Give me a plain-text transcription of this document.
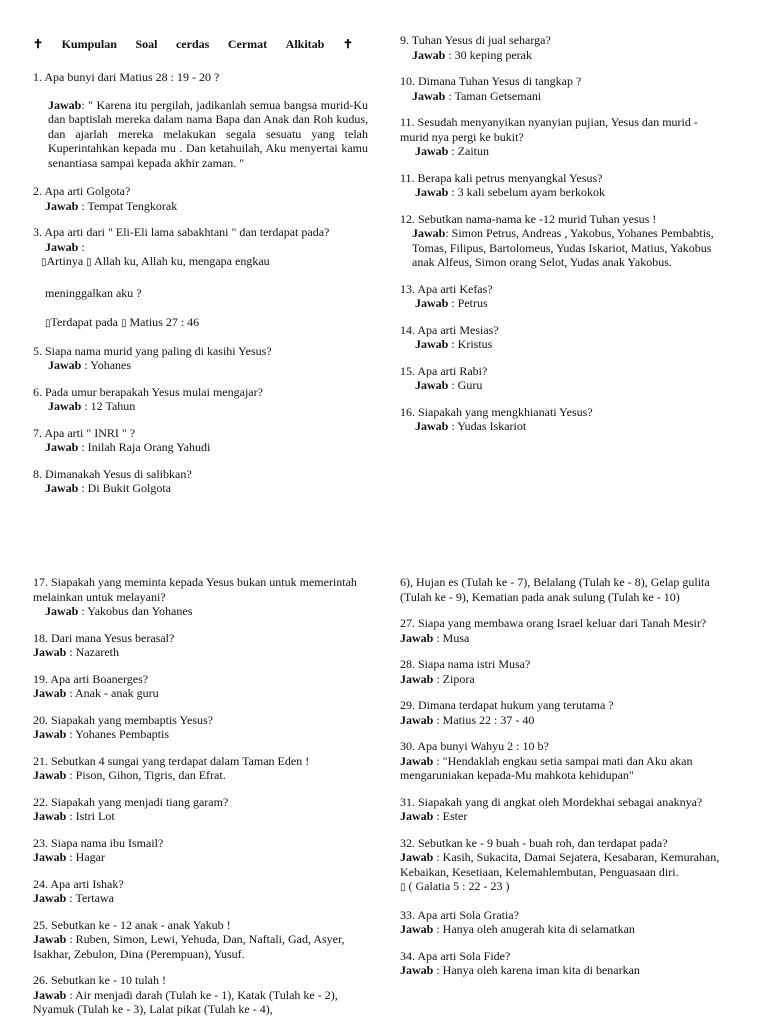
✝ Kumpulan Soal cerdas Cermat Alkitab ✝

1. Apa bunyi dari Matius 28 : 19 - 20 ?

Jawab: " Karena itu pergilah, jadikanlah semua bangsa murid-Ku dan baptislah mereka dalam nama Bapa dan Anak dan Roh kudus, dan ajarlah mereka melakukan segala sesuatu yang telah Kuperintahkan kepada mu . Dan ketahuilah, Aku menyertai kamu senantiasa sampai kepada akhir zaman. "

2. Apa arti Golgota?

Jawab : Tempat Tengkorak

3. Apa arti dari " Eli-Eli lama sabakhtani " dan terdapat pada?

Jawab :

▯Artinya ▯ Allah ku, Allah ku, mengapa engkau

meninggalkan aku ?

▯Terdapat pada ▯ Matius 27 : 46

5. Siapa nama murid yang paling di kasihi Yesus?

Jawab : Yohanes

6. Pada umur berapakah Yesus mulai mengajar?

Jawab : 12 Tahun

7. Apa arti " INRI " ?

Jawab : Inilah Raja Orang Yahudi

8. Dimanakah Yesus di salibkan?

Jawab : Di Bukit Golgota

9. Tuhan Yesus di jual seharga?

Jawab : 30 keping perak

10. Dimana Tuhan Yesus di tangkap ?

Jawab : Taman Getsemani

11. Sesudah menyanyikan nyanyian pujian, Yesus dan murid - murid nya pergi ke bukit?

Jawab : Zaitun

11. Berapa kali petrus menyangkal Yesus?

Jawab : 3 kali sebelum ayam berkokok

12. Sebutkan nama-nama ke -12 murid Tuhan yesus !

Jawab: Simon Petrus, Andreas , Yakobus, Yohanes Pembabtis, Tomas, Filipus, Bartolomeus, Yudas Iskariot, Matius, Yakobus anak Alfeus, Simon orang Selot, Yudas anak Yakobus.

13. Apa arti Kefas?

Jawab : Petrus

14. Apa arti Mesias?

Jawab : Kristus

15. Apa arti Rabi?

Jawab : Guru

16. Siapakah yang mengkhianati Yesus?

Jawab : Yudas Iskariot

17. Siapakah yang meminta kepada Yesus bukan untuk memerintah melainkan untuk melayani?

Jawab : Yakobus dan Yohanes

18. Dari mana Yesus berasal?

Jawab : Nazareth

19. Apa arti Boanerges?

Jawab : Anak - anak guru

20. Siapakah yang membaptis Yesus?

Jawab : Yohanes Pembaptis

21. Sebutkan 4 sungai yang terdapat dalam Taman Eden !

Jawab : Pison, Gihon, Tigris, dan Efrat.

22. Siapakah yang menjadi tiang garam?

Jawab : Istri Lot

23. Siapa nama ibu Ismail?

Jawab : Hagar

24. Apa arti Ishak?

Jawab : Tertawa

25. Sebutkan ke - 12 anak - anak Yakub !

Jawab : Ruben, Simon, Lewi, Yehuda, Dan, Naftali, Gad, Asyer, Isakhar, Zebulon, Dina (Perempuan), Yusuf.

26. Sebutkan ke - 10 tulah !

Jawab : Air menjadi darah (Tulah ke - 1), Katak (Tulah ke - 2), Nyamuk (Tulah ke - 3), Lalat pikat (Tulah ke - 4),

6), Hujan es (Tulah ke - 7), Belalang (Tulah ke - 8), Gelap gulita (Tulah ke - 9), Kematian pada anak sulung (Tulah ke - 10)

27. Siapa yang membawa orang Israel keluar dari Tanah Mesir?

Jawab : Musa

28. Siapa nama istri Musa?

Jawab : Zipora

29. Dimana terdapat hukum yang terutama ?

Jawab : Matius 22 : 37 - 40

30. Apa bunyi Wahyu 2 : 10 b?

Jawab : "Hendaklah engkau setia sampai mati dan Aku akan mengaruniakan kepada-Mu mahkota kehidupan"

31. Siapakah yang di angkat oleh Mordekhai sebagai anaknya?

Jawab : Ester

32. Sebutkan ke - 9 buah - buah roh, dan terdapat pada?

Jawab : Kasih, Sukacita, Damai Sejatera, Kesabaran, Kemurahan,

Kebaikan, Kesetiaan, Kelemahlembutan, Penguasaan diri.

▯ ( Galatia 5 : 22 - 23 )

33. Apa arti Sola Gratia?

Jawab : Hanya oleh anugerah kita di selamatkan

34. Apa arti Sola Fide?

Jawab : Hanya oleh karena iman kita di benarkan
